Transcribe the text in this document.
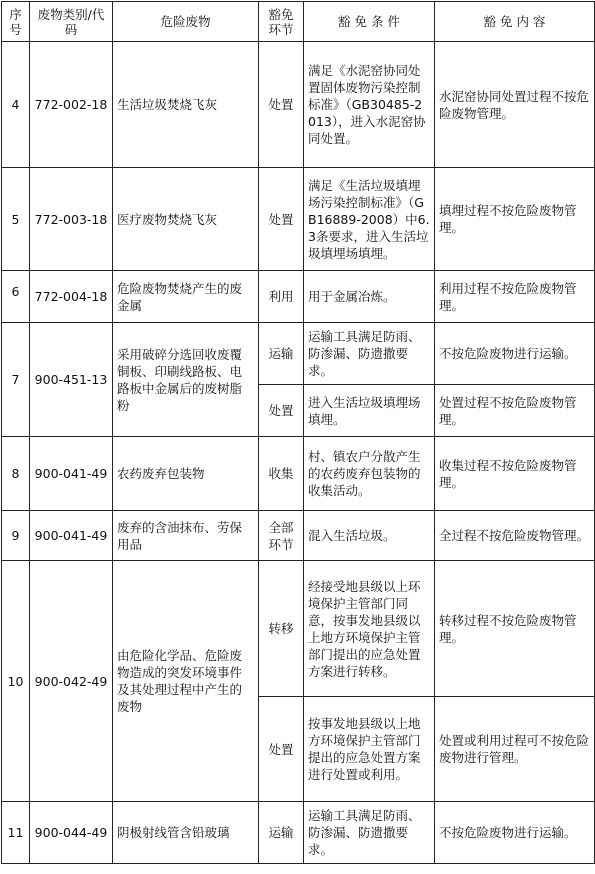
序号	废物类别/代码	危险废物	豁免环节	豁 免 条 件	豁 免 内 容
4	772-002-18	生活垃圾焚烧飞灰	处置	满足《水泥窑协同处置固体废物污染控制标准》（GB30485-2013），进入水泥窑协同处置。	水泥窑协同处置过程不按危险废物管理。
5	772-003-18	医疗废物焚烧飞灰	处置	满足《生活垃圾填埋场污染控制标准》（GB16889-2008）中6.3条要求，进入生活垃圾填埋场填埋。	填埋过程不按危险废物管理。
6	772-004-18	危险废物焚烧产生的废金属	利用	用于金属冶炼。	利用过程不按危险废物管理。
7	900-451-13	采用破碎分选回收废覆铜板、印刷线路板、电路板中金属后的废树脂粉	运输	运输工具满足防雨、防渗漏、防遗撒要求。	不按危险废物进行运输。
			处置	进入生活垃圾填埋场填埋。	处置过程不按危险废物管理。
8	900-041-49	农药废弃包装物	收集	村、镇农户分散产生的农药废弃包装物的收集活动。	收集过程不按危险废物管理。
9	900-041-49	废弃的含油抹布、劳保用品	全部环节	混入生活垃圾。	全过程不按危险废物管理。
10	900-042-49	由危险化学品、危险废物造成的突发环境事件及其处理过程中产生的废物	转移	经接受地县级以上环境保护主管部门同意，按事发地县级以上地方环境保护主管部门提出的应急处置方案进行转移。	转移过程不按危险废物管理。
			处置	按事发地县级以上地方环境保护主管部门提出的应急处置方案进行处置或利用。	处置或利用过程可不按危险废物进行管理。
11	900-044-49	阴极射线管含铅玻璃	运输	运输工具满足防雨、防渗漏、防遗撒要求。	不按危险废物进行运输。
